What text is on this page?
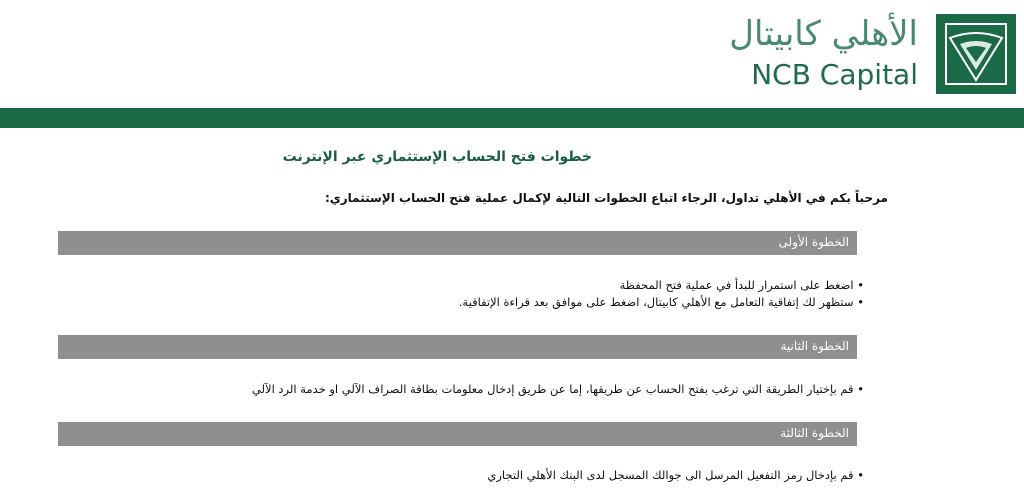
الأهلي كابيتال
NCB Capital
خطوات فتح الحساب الإستثماري عبر الإنترنت
مرحباً بكم في الأهلي تداول، الرجاء اتباع الخطوات التالية لإكمال عملية فتح الحساب الإستثماري:
الخطوة الأولى
• اضغط على استمرار للبدأ في عملية فتح المحفظة
• ستظهر لك إتفاقية التعامل مع الأهلي كابيتال، اضغط على موافق بعد قراءة الإتفاقية.
الخطوة الثانية
• قم بإختيار الطريقة التي ترغب بفتح الحساب عن طريقها، إما عن طريق إدخال معلومات بطاقة الصراف الآلي او خدمة الرد الآلي
الخطوة الثالثة
• قم بإدخال رمز التفعيل المرسل الى جوالك المسجل لدى البنك الأهلي التجاري
